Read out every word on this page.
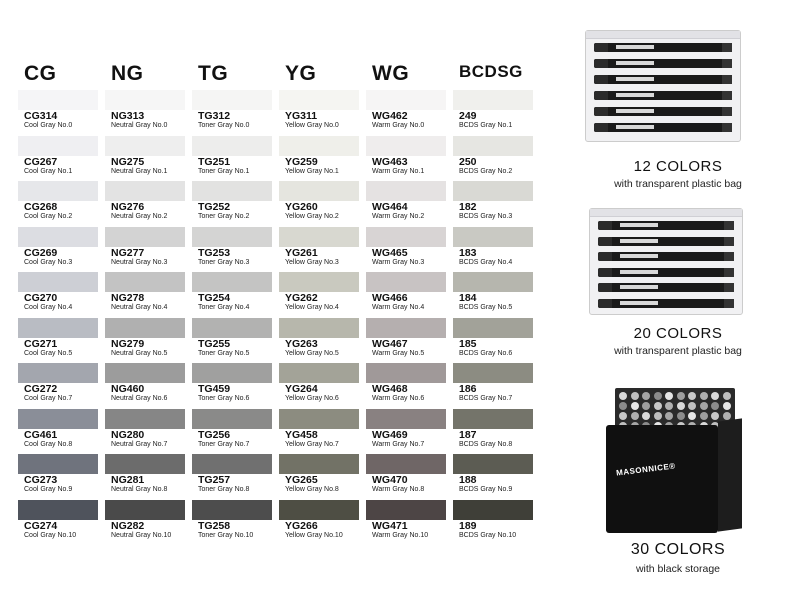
CG
CG314
Cool Gray No.0
CG267
Cool Gray No.1
CG268
Cool Gray No.2
CG269
Cool Gray No.3
CG270
Cool Gray No.4
CG271
Cool Gray No.5
CG272
Cool Gray No.7
CG461
Cool Gray No.8
CG273
Cool Gray No.9
CG274
Cool Gray No.10
NG
NG313
Neutral Gray No.0
NG275
Neutral Gray No.1
NG276
Neutral Gray No.2
NG277
Neutral Gray No.3
NG278
Neutral Gray No.4
NG279
Neutral Gray No.5
NG460
Neutral Gray No.6
NG280
Neutral Gray No.7
NG281
Neutral Gray No.8
NG282
Neutral Gray No.10
TG
TG312
Toner Gray No.0
TG251
Toner Gray No.1
TG252
Toner Gray No.2
TG253
Toner Gray No.3
TG254
Toner Gray No.4
TG255
Toner Gray No.5
TG459
Toner Gray No.6
TG256
Toner Gray No.7
TG257
Toner Gray No.8
TG258
Toner Gray No.10
YG
YG311
Yellow Gray No.0
YG259
Yellow Gray No.1
YG260
Yellow Gray No.2
YG261
Yellow Gray No.3
YG262
Yellow Gray No.4
YG263
Yellow Gray No.5
YG264
Yellow Gray No.6
YG458
Yellow Gray No.7
YG265
Yellow Gray No.8
YG266
Yellow Gray No.10
WG
WG462
Warm Gray No.0
WG463
Warm Gray No.1
WG464
Warm Gray No.2
WG465
Warm Gray No.3
WG466
Warm Gray No.4
WG467
Warm Gray No.5
WG468
Warm Gray No.6
WG469
Warm Gray No.7
WG470
Warm Gray No.8
WG471
Warm Gray No.10
BCDSG
249
BCDS Gray No.1
250
BCDS Gray No.2
182
BCDS Gray No.3
183
BCDS Gray No.4
184
BCDS Gray No.5
185
BCDS Gray No.6
186
BCDS Gray No.7
187
BCDS Gray No.8
188
BCDS Gray No.9
189
BCDS Gray No.10
12 COLORS
with transparent plastic bag
20 COLORS
with transparent plastic bag
MASONNICE®
30 COLORS
with black storage
